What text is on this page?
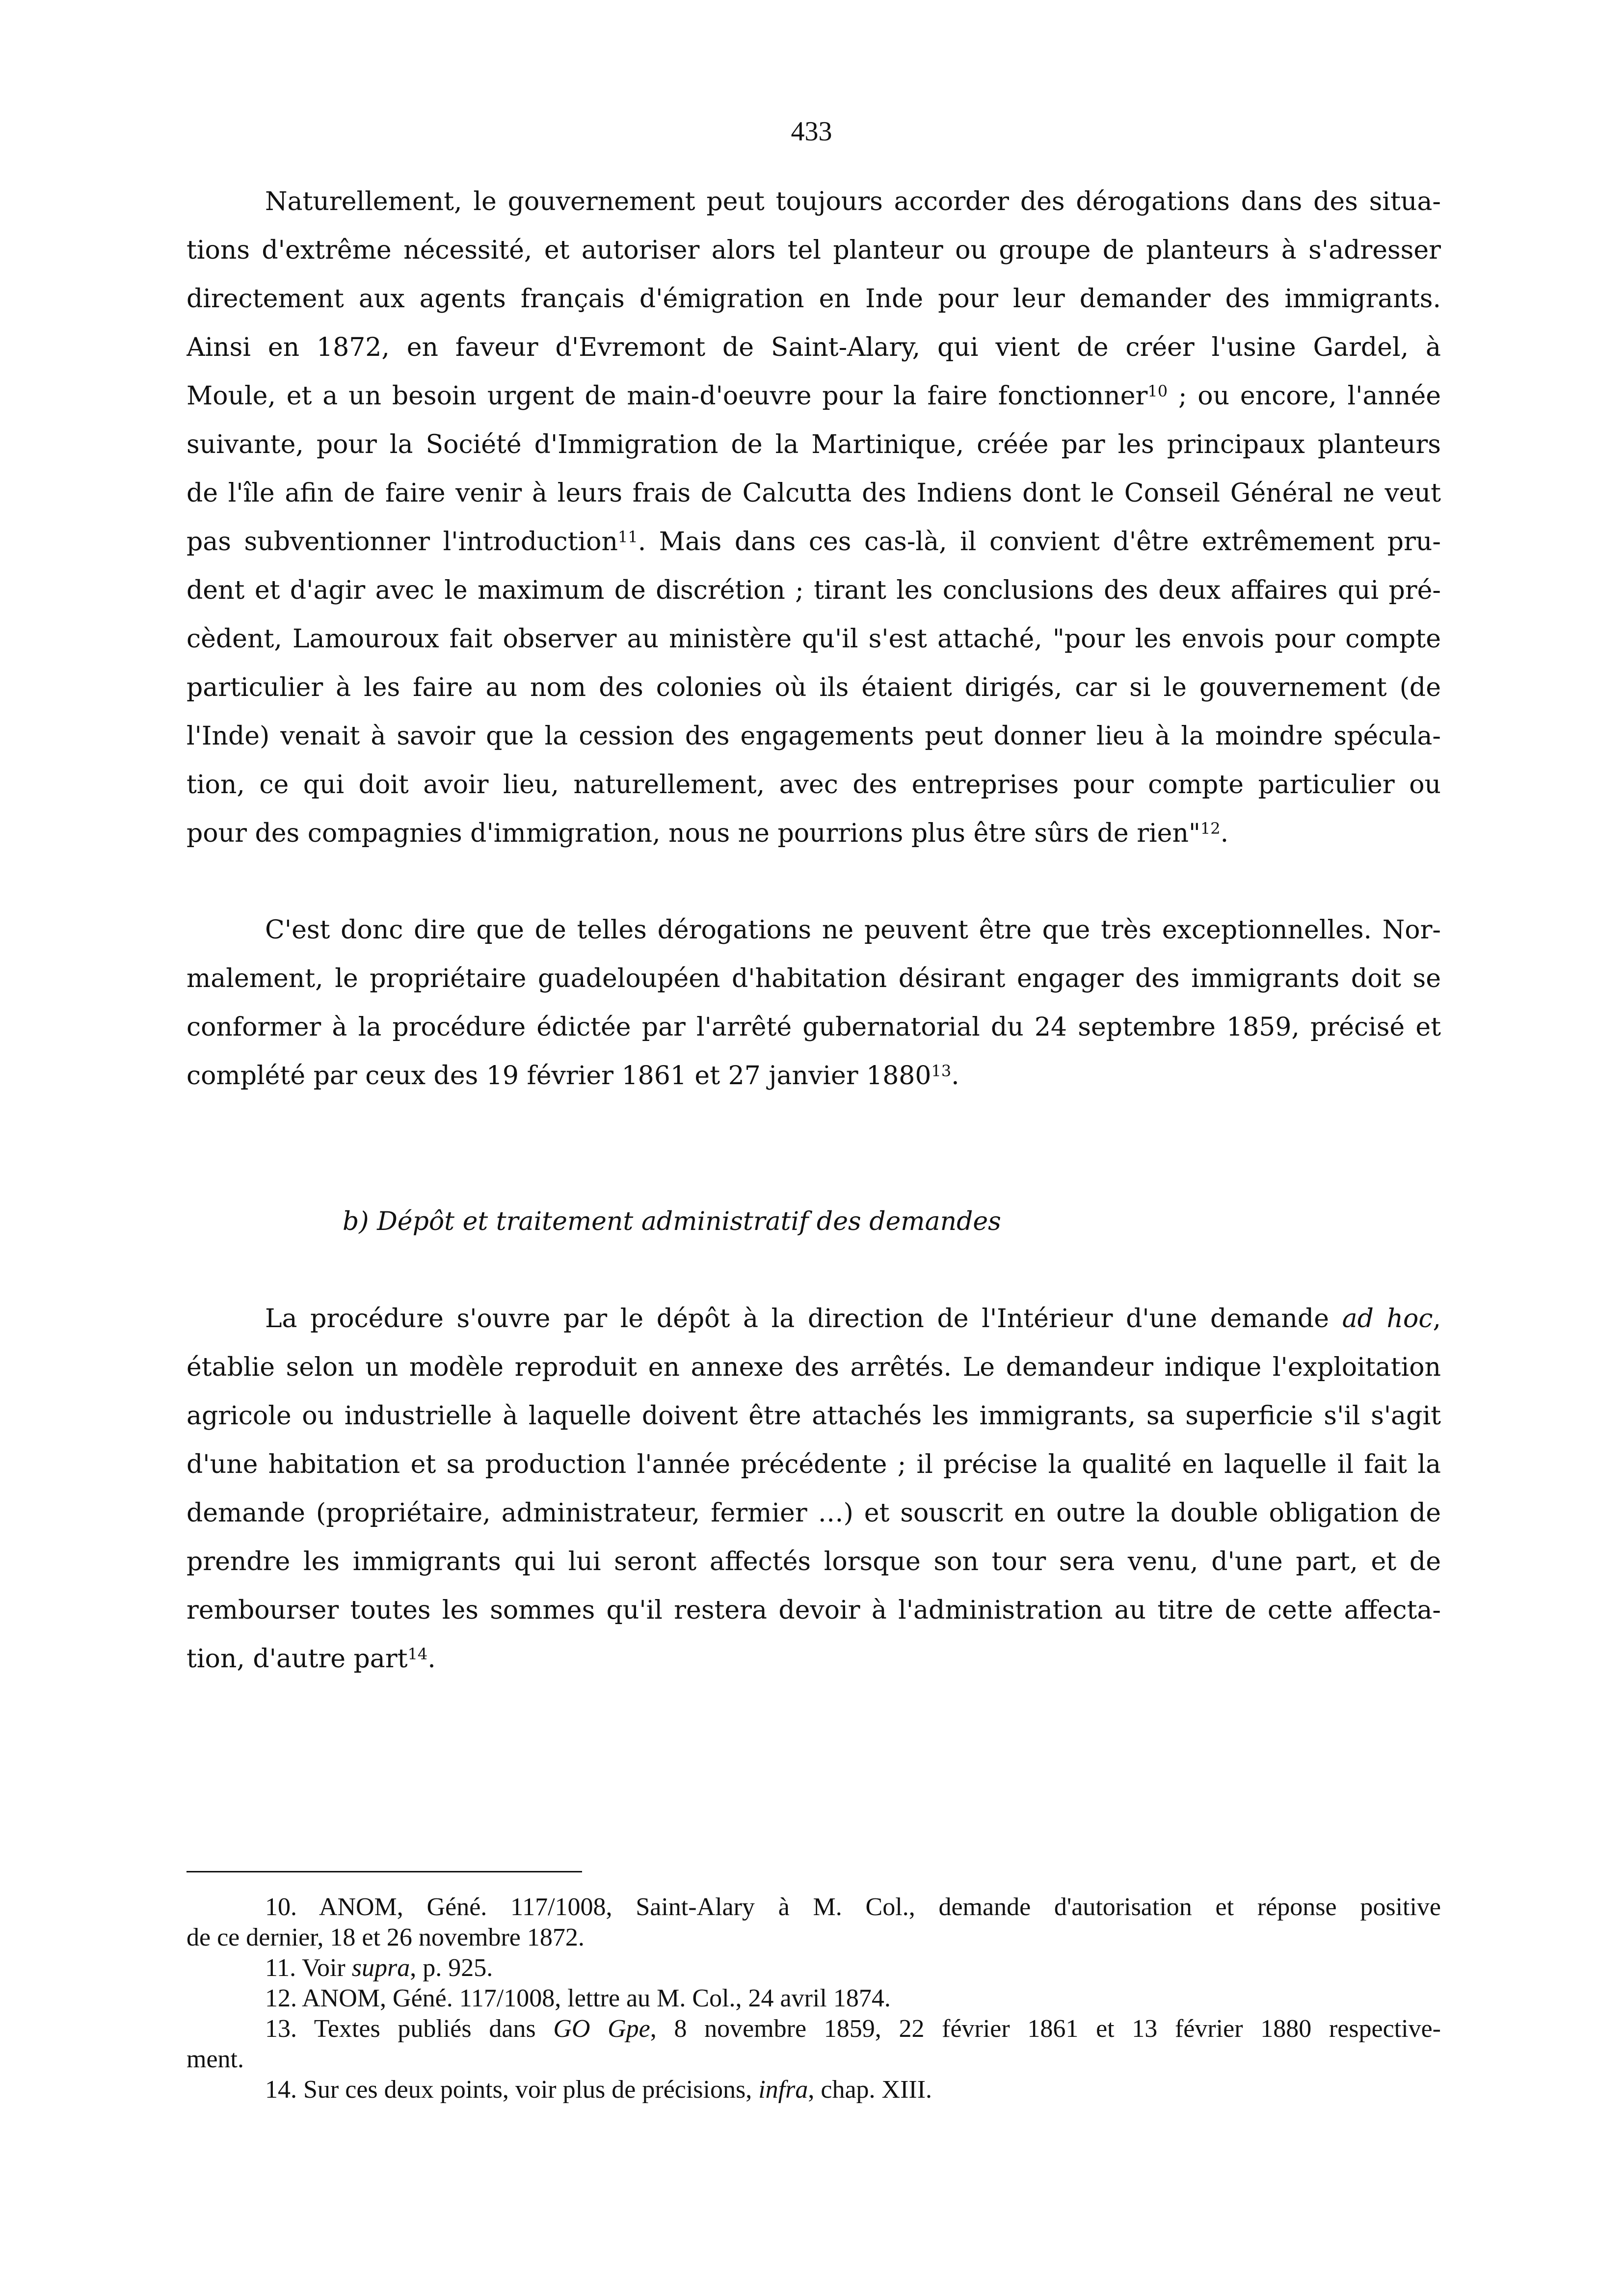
433
Naturellement, le gouvernement peut toujours accorder des dérogations dans des situa-
tions d'extrême nécessité, et autoriser alors tel planteur ou groupe de planteurs à s'adresser
directement aux agents français d'émigration en Inde pour leur demander des immigrants.
Ainsi en 1872, en faveur d'Evremont de Saint-Alary, qui vient de créer l'usine Gardel, à
Moule, et a un besoin urgent de main-d'oeuvre pour la faire fonctionner$^{10}$ ; ou encore, l'année
suivante, pour la Société d'Immigration de la Martinique, créée par les principaux planteurs
de l'île afin de faire venir à leurs frais de Calcutta des Indiens dont le Conseil Général ne veut
pas subventionner l'introduction$^{11}$. Mais dans ces cas-là, il convient d'être extrêmement pru-
dent et d'agir avec le maximum de discrétion ; tirant les conclusions des deux affaires qui pré-
cèdent, Lamouroux fait observer au ministère qu'il s'est attaché, "pour les envois pour compte
particulier à les faire au nom des colonies où ils étaient dirigés, car si le gouvernement (de
l'Inde) venait à savoir que la cession des engagements peut donner lieu à la moindre spécula-
tion, ce qui doit avoir lieu, naturellement, avec des entreprises pour compte particulier ou
pour des compagnies d'immigration, nous ne pourrions plus être sûrs de rien"$^{12}$.
C'est donc dire que de telles dérogations ne peuvent être que très exceptionnelles. Nor-
malement, le propriétaire guadeloupéen d'habitation désirant engager des immigrants doit se
conformer à la procédure édictée par l'arrêté gubernatorial du 24 septembre 1859, précisé et
complété par ceux des 19 février 1861 et 27 janvier 1880$^{13}$.
b) Dépôt et traitement administratif des demandes
La procédure s'ouvre par le dépôt à la direction de l'Intérieur d'une demande ad hoc,
établie selon un modèle reproduit en annexe des arrêtés. Le demandeur indique l'exploitation
agricole ou industrielle à laquelle doivent être attachés les immigrants, sa superficie s'il s'agit
d'une habitation et sa production l'année précédente ; il précise la qualité en laquelle il fait la
demande (propriétaire, administrateur, fermier …) et souscrit en outre la double obligation de
prendre les immigrants qui lui seront affectés lorsque son tour sera venu, d'une part, et de
rembourser toutes les sommes qu'il restera devoir à l'administration au titre de cette affecta-
tion, d'autre part$^{14}$.
10. ANOM, Géné. 117/1008, Saint-Alary à M. Col., demande d'autorisation et réponse positive
de ce dernier, 18 et 26 novembre 1872.
11. Voir supra, p. 925.
12. ANOM, Géné. 117/1008, lettre au M. Col., 24 avril 1874.
13. Textes publiés dans GO Gpe, 8 novembre 1859, 22 février 1861 et 13 février 1880 respective-
ment.
14. Sur ces deux points, voir plus de précisions, infra, chap. XIII.
